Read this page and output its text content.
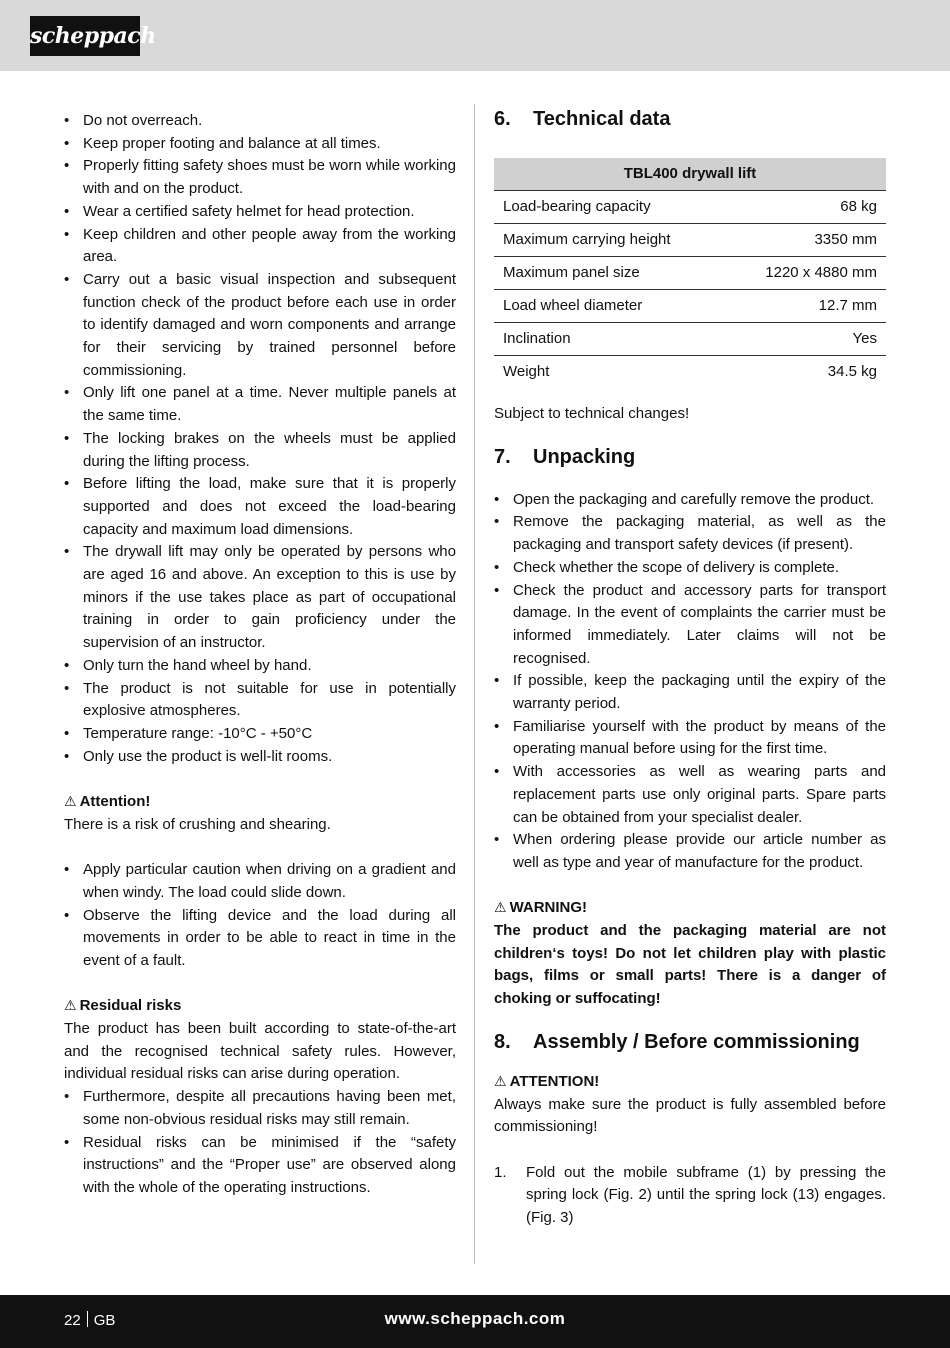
scheppach
• Do not overreach.
• Keep proper footing and balance at all times.
• Properly fitting safety shoes must be worn while working with and on the product.
• Wear a certified safety helmet for head protection.
• Keep children and other people away from the working area.
• Carry out a basic visual inspection and subsequent function check of the product before each use in order to identify damaged and worn components and arrange for their servicing by trained personnel before commissioning.
• Only lift one panel at a time. Never multiple panels at the same time.
• The locking brakes on the wheels must be applied during the lifting process.
• Before lifting the load, make sure that it is properly supported and does not exceed the load-bearing capacity and maximum load dimensions.
• The drywall lift may only be operated by persons who are aged 16 and above. An exception to this is use by minors if the use takes place as part of occupational training in order to gain proficiency under the supervision of an instructor.
• Only turn the hand wheel by hand.
• The product is not suitable for use in potentially explosive atmospheres.
• Temperature range: -10°C - +50°C
• Only use the product is well-lit rooms.
⚠ Attention!
There is a risk of crushing and shearing.
• Apply particular caution when driving on a gradient and when windy. The load could slide down.
• Observe the lifting device and the load during all movements in order to be able to react in time in the event of a fault.
⚠ Residual risks
The product has been built according to state-of-the-art and the recognised technical safety rules. However, individual residual risks can arise during operation.
• Furthermore, despite all precautions having been met, some non-obvious residual risks may still remain.
• Residual risks can be minimised if the “safety instructions” and the “Proper use” are observed along with the whole of the operating instructions.
6.	Technical data
TBL400 drywall lift	
Load-bearing capacity	68 kg
Maximum carrying height	3350 mm
Maximum panel size	1220 x 4880 mm
Load wheel diameter	12.7 mm
Inclination	Yes
Weight	34.5 kg
Subject to technical changes!
7.	Unpacking
• Open the packaging and carefully remove the product.
• Remove the packaging material, as well as the packaging and transport safety devices (if present).
• Check whether the scope of delivery is complete.
• Check the product and accessory parts for transport damage. In the event of complaints the carrier must be informed immediately. Later claims will not be recognised.
• If possible, keep the packaging until the expiry of the warranty period.
• Familiarise yourself with the product by means of the operating manual before using for the first time.
• With accessories as well as wearing parts and replacement parts use only original parts. Spare parts can be obtained from your specialist dealer.
• When ordering please provide our article number as well as type and year of manufacture for the product.
⚠ WARNING!
The product and the packaging material are not children‘s toys! Do not let children play with plastic bags, films or small parts! There is a danger of choking or suffocating!
8.	Assembly / Before commissioning
⚠ ATTENTION!
Always make sure the product is fully assembled before commissioning!
1. Fold out the mobile subframe (1) by pressing the spring lock (Fig. 2) until the spring lock (13) engages. (Fig. 3)
22 GB	www.scheppach.com
